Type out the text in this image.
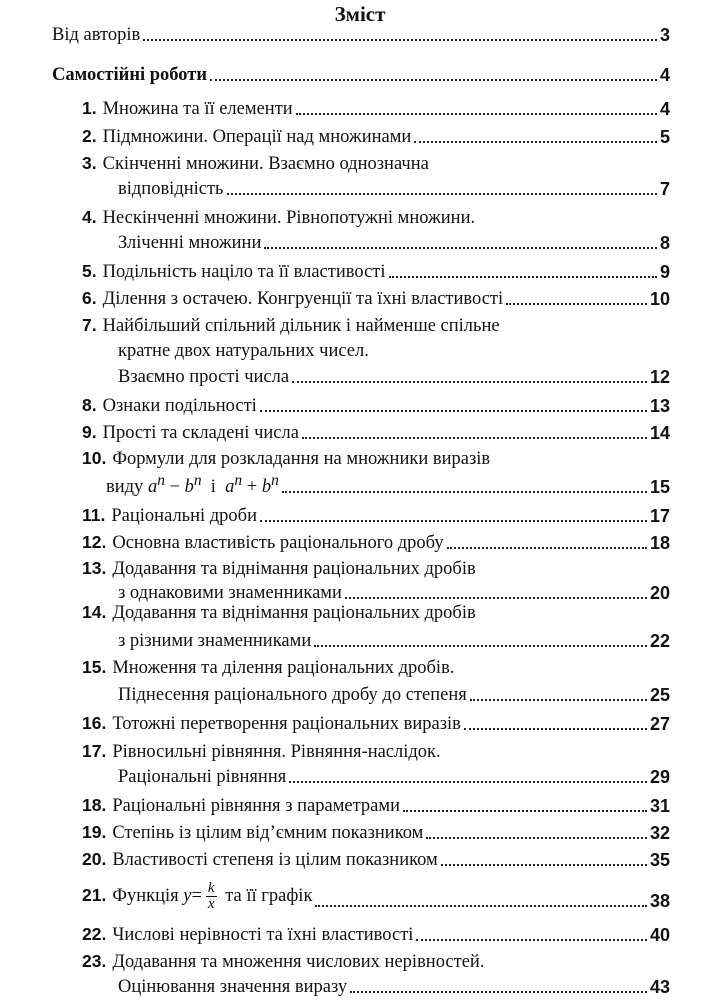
Зміст
Від авторів	3
Самостійні роботи	4
1. Множина та її елементи	4
2. Підмножини. Операції над множинами	5
3. Скінченні множини. Взаємно однозначна
відповідність	7
4. Нескінченні множини. Рівнопотужні множини.
Зліченні множини	8
5. Подільність націло та її властивості	9
6. Ділення з остачею. Конгруенції та їхні властивості	10
7. Найбільший спільний дільник і найменше спільне
кратне двох натуральних чисел.
Взаємно прості числа	12
8. Ознаки подільності	13
9. Прості та складені числа	14
10. Формули для розкладання на множники виразів
виду $a^n - b^n$ і $a^n + b^n$	15
11. Раціональні дроби	17
12. Основна властивість раціонального дробу	18
13. Додавання та віднімання раціональних дробів
з однаковими знаменниками	20
14. Додавання та віднімання раціональних дробів
з різними знаменниками	22
15. Множення та ділення раціональних дробів.
Піднесення раціонального дробу до степеня	25
16. Тотожні перетворення раціональних виразів	27
17. Рівносильні рівняння. Рівняння-наслідок.
Раціональні рівняння	29
18. Раціональні рівняння з параметрами	31
19. Степінь із цілим від’ємним показником	32
20. Властивості степеня із цілим показником	35
21. Функція $y= \frac{k}{x}$ та її графік	38
22. Числові нерівності та їхні властивості	40
23. Додавання та множення числових нерівностей.
Оцінювання значення виразу	43
